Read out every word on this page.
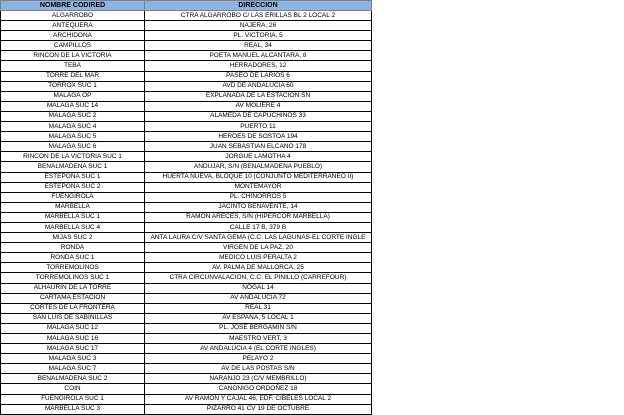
NOMBRE CODIRED	DIRECCION
ALGARROBO	CTRA ALGARROBO C/ LAS ERILLAS BL 2 LOCAL 2
ANTEQUERA	NAJERA, 26
ARCHIDONA	PL. VICTORIA, 5
CAMPILLOS	REAL, 34
RINCON DE LA VICTORIA	POETA MANUEL ALCANTARA, 8
TEBA	HERRADORES, 12
TORRE DEL MAR	PASEO DE LARIOS 6
TORROX SUC 1	AVD DE ANDALUCIA 60
MALAGA OP	EXPLANADA DE LA ESTACION SN
MALAGA SUC 14	AV MOLIERE 4
MALAGA SUC 2	ALAMEDA DE CAPUCHINOS 33
MALAGA SUC 4	PUERTO 11
MALAGA SUC 5	HEROES DE SOSTOA 194
MALAGA SUC 6	JUAN SEBASTIAN ELCANO 178
RINCON DE LA VICTORIA SUC 1	JORGUE LAMOTHA 4
BENALMADENA SUC 1	ANDUJAR, S/N (BENALMADENA PUEBLO)
ESTEPONA SUC 1	HUERTA NUEVA, BLOQUE 10 (CONJUNTO MEDITERRANEO II)
ESTEPONA SUC 2	MONTEMAYOR
FUENGIROLA	PL. CHINORROS 5
MARBELLA	JACINTO BENAVENTE, 14
MARBELLA SUC 1	RAMON ARECES, S/N (HIPERCOR MARBELLA)
MARBELLA SUC 4	CALLE 17 B, 379 B
MIJAS SUC 2	ANTA LAURA C/V SANTA GEMA (C.C. LAS LAGUNAS-EL CORTE INGLE
RONDA	VIRGEN DE LA PAZ, 20
RONDA SUC 1	MEDICO LUIS PERALTA 2
TORREMOLINOS	AV. PALMA DE MALLORCA, 25
TORREMOLINOS SUC 1	CTRA CIRCUNVALACION, C.C. EL PINILLO (CARREFOUR)
ALHAURIN DE LA TORRE	NOGAL 14
CARTAMA ESTACION	AV ANDALUCIA 72
CORTES DE LA FRONTERA	REAL 31
SAN LUIS DE SABINILLAS	AV ESPAÑA, 5 LOCAL 1
MALAGA SUC 12	PL. JOSE BERGAMIN S/N
MALAGA SUC 16	MAESTRO VERT, 3
MALAGA SUC 17	AV ANDALUCIA 4 (EL CORTE INGLES)
MALAGA SUC 3	PELAYO 2
MALAGA SUC 7	AV DE LAS POSTAS S/N
BENALMADENA SUC 2	NARANJO 23 (C/V MEMBRILLO)
COIN	CANONIGO ORDOÑEZ 18
FUENGIROLA SUC 1	AV RAMON Y CAJAL 46, EDF. CIBELES LOCAL 2
MARBELLA SUC 3	PIZARRO 41 CV 19 DE OCTUBRE
